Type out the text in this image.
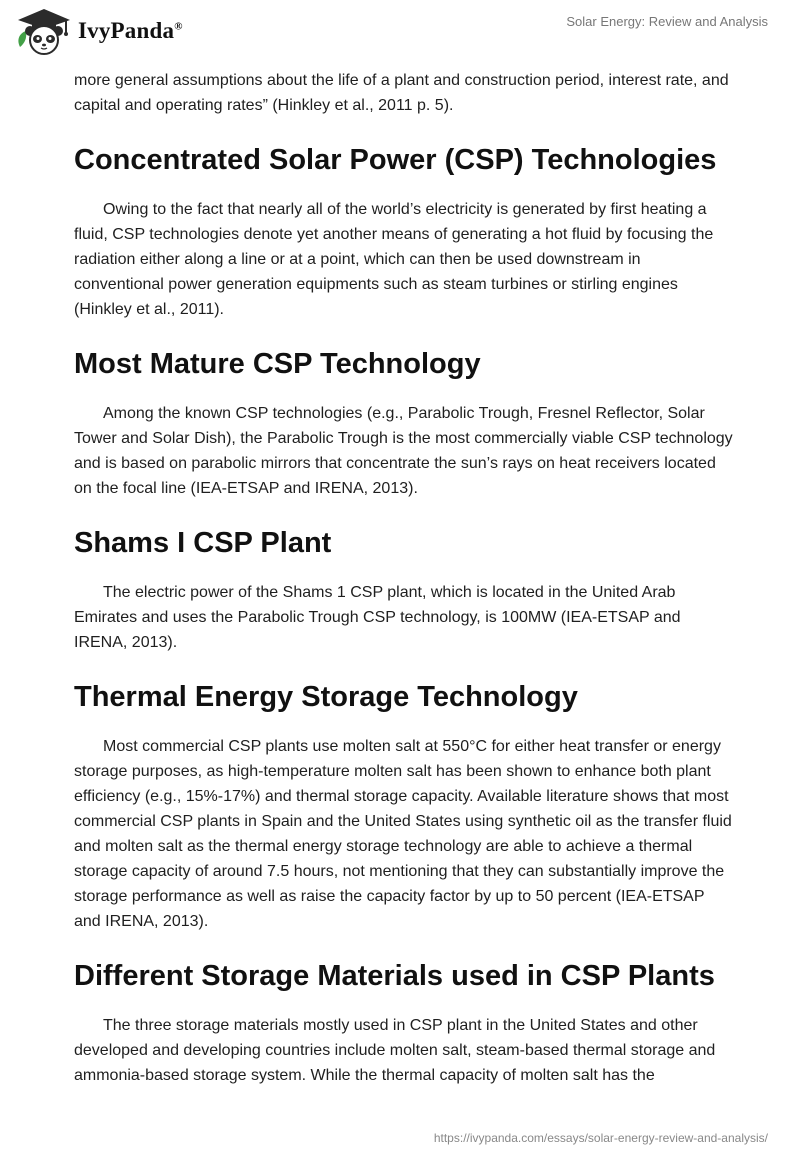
IvyPanda®	Solar Energy: Review and Analysis

more general assumptions about the life of a plant and construction period, interest rate, and capital and operating rates” (Hinkley et al., 2011 p. 5).

Concentrated Solar Power (CSP) Technologies

Owing to the fact that nearly all of the world’s electricity is generated by first heating a fluid, CSP technologies denote yet another means of generating a hot fluid by focusing the radiation either along a line or at a point, which can then be used downstream in conventional power generation equipments such as steam turbines or stirling engines (Hinkley et al., 2011).

Most Mature CSP Technology

Among the known CSP technologies (e.g., Parabolic Trough, Fresnel Reflector, Solar Tower and Solar Dish), the Parabolic Trough is the most commercially viable CSP technology and is based on parabolic mirrors that concentrate the sun’s rays on heat receivers located on the focal line (IEA-ETSAP and IRENA, 2013).

Shams I CSP Plant

The electric power of the Shams 1 CSP plant, which is located in the United Arab Emirates and uses the Parabolic Trough CSP technology, is 100MW (IEA-ETSAP and IRENA, 2013).

Thermal Energy Storage Technology

Most commercial CSP plants use molten salt at 550°C for either heat transfer or energy storage purposes, as high-temperature molten salt has been shown to enhance both plant efficiency (e.g., 15%-17%) and thermal storage capacity. Available literature shows that most commercial CSP plants in Spain and the United States using synthetic oil as the transfer fluid and molten salt as the thermal energy storage technology are able to achieve a thermal storage capacity of around 7.5 hours, not mentioning that they can substantially improve the storage performance as well as raise the capacity factor by up to 50 percent (IEA-ETSAP and IRENA, 2013).

Different Storage Materials used in CSP Plants

The three storage materials mostly used in CSP plant in the United States and other developed and developing countries include molten salt, steam-based thermal storage and ammonia-based storage system. While the thermal capacity of molten salt has the

https://ivypanda.com/essays/solar-energy-review-and-analysis/
